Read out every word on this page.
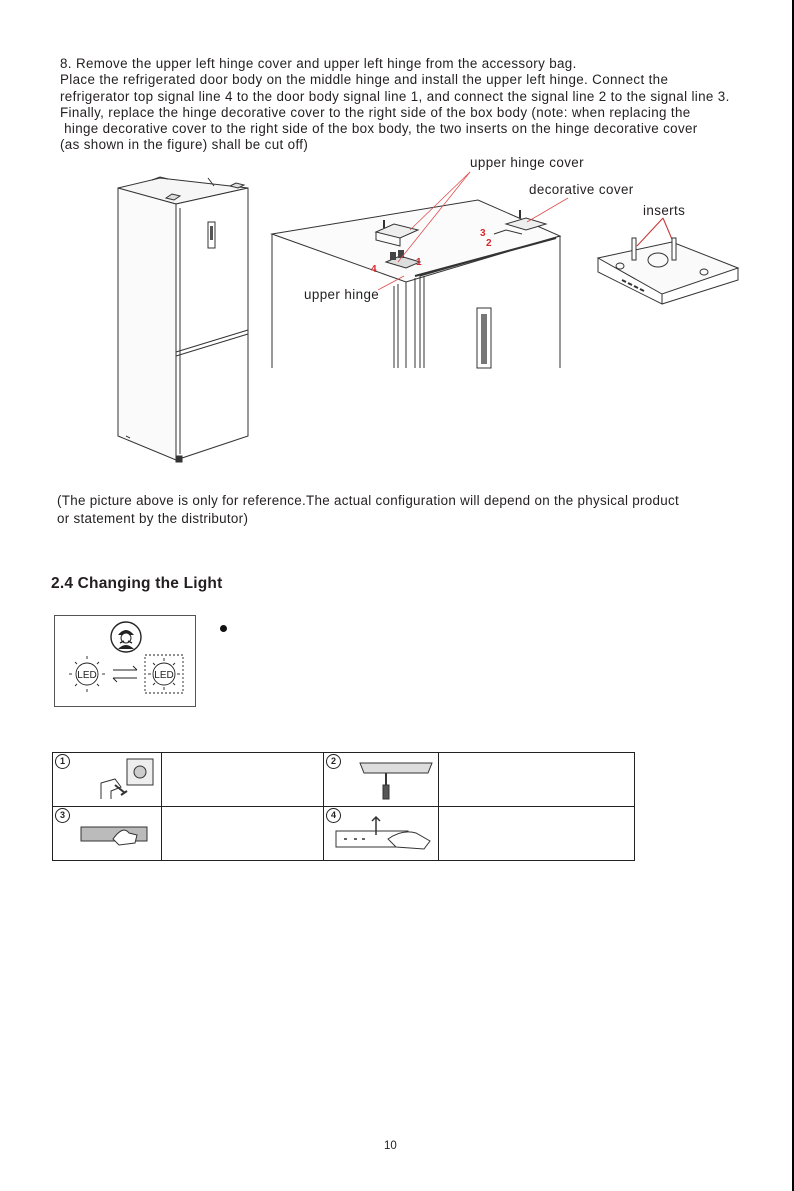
8. Remove the upper left hinge cover and upper left hinge from the accessory bag.
Place the refrigerated door body on the middle hinge and install the upper left hinge. Connect the
refrigerator top signal line 4 to the door body signal line 1, and connect the signal line 2 to the signal line 3.
Finally, replace the hinge decorative cover to the right side of the box body (note: when replacing the
hinge decorative cover to the right side of the box body, the two inserts on the hinge decorative cover
(as shown in the figure) shall be cut off)
3
2
4
1
upper hinge cover
decorative cover
inserts
upper hinge
(The picture above is only for reference.The actual configuration will depend on the physical product
or statement by the distributor)
2.4 Changing the Light
LED	LED
1		2	

3		4	

10
